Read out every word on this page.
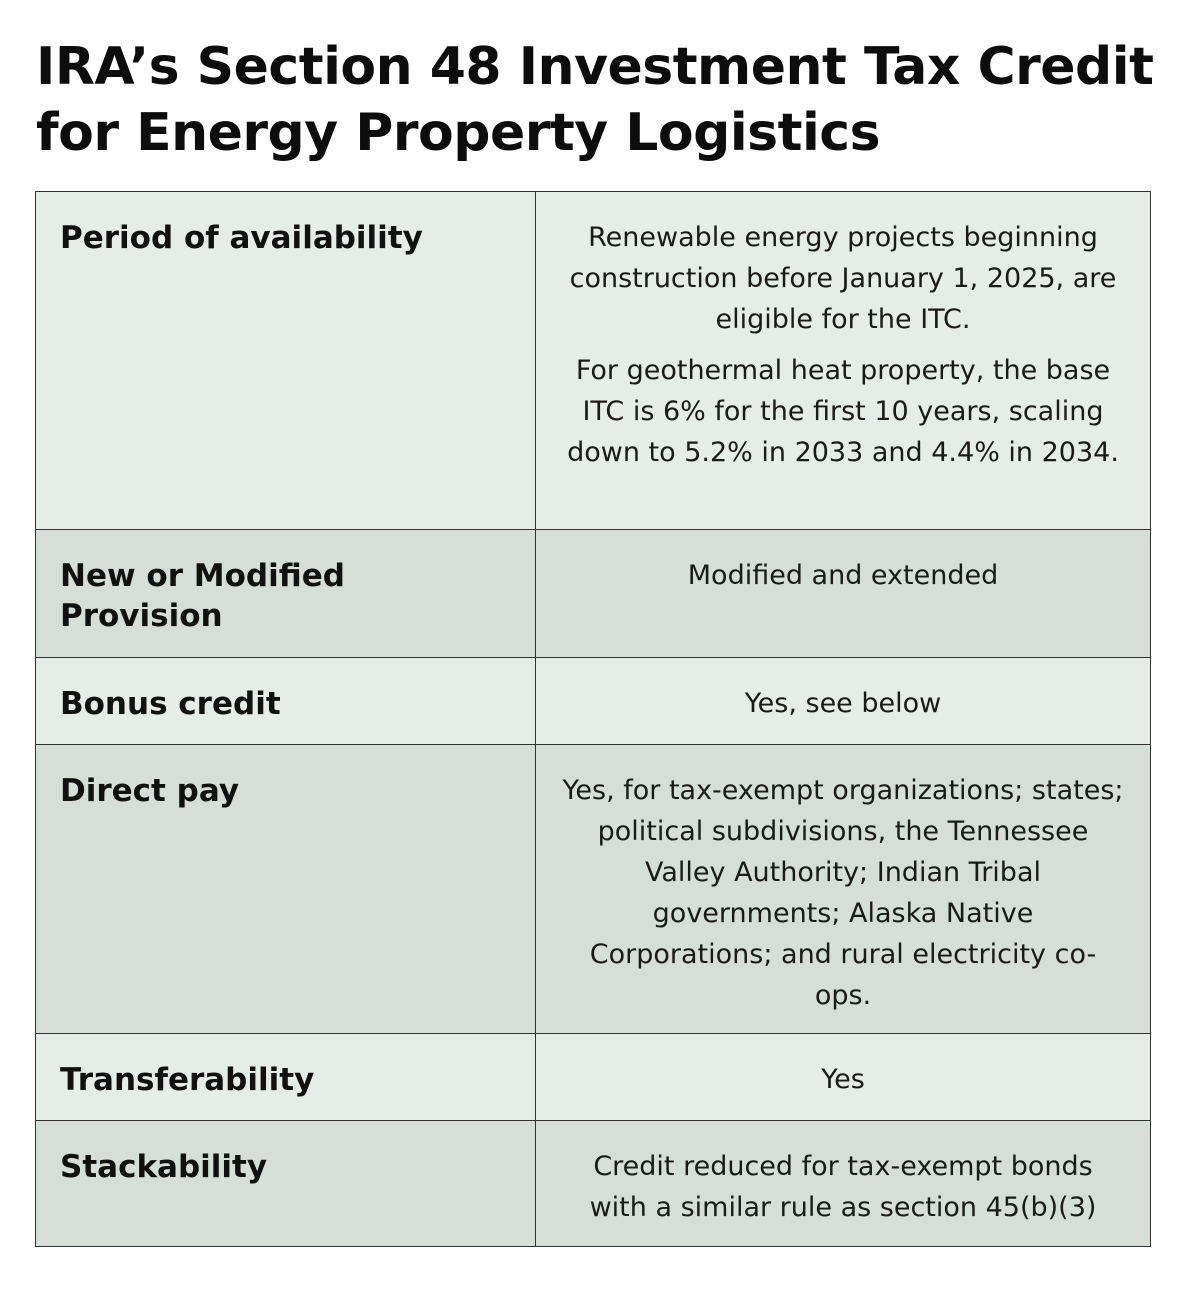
IRA’s Section 48 Investment Tax Credit for Energy Property Logistics
Period of availability	Renewable energy projects beginning construction before January 1, 2025, are eligible for the ITC.

For geothermal heat property, the base ITC is 6% for the first 10 years, scaling down to 5.2% in 2033 and 4.4% in 2034.

New or Modified Provision	Modified and extended

Bonus credit	Yes, see below

Direct pay	Yes, for tax-exempt organizations; states; political subdivisions, the Tennessee Valley Authority; Indian Tribal governments; Alaska Native Corporations; and rural electricity co-ops.

Transferability	Yes

Stackability	Credit reduced for tax-exempt bonds with a similar rule as section 45(b)(3)
